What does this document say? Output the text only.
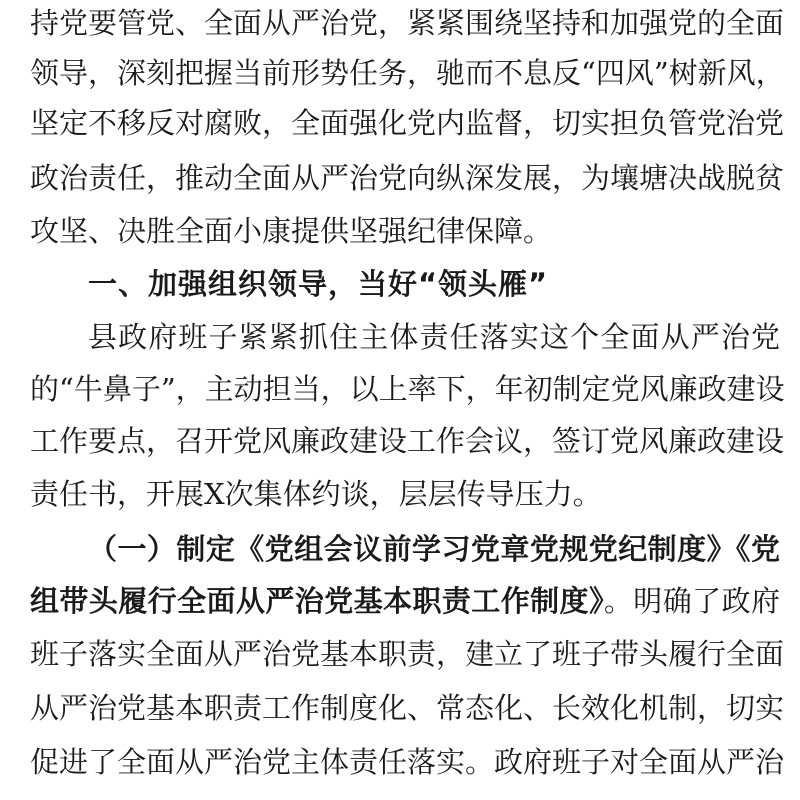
持党要管党、全面从严治党，紧紧围绕坚持和加强党的全面
领导，深刻把握当前形势任务，驰而不息反“四风”树新风，
坚定不移反对腐败，全面强化党内监督，切实担负管党治党
政治责任，推动全面从严治党向纵深发展，为壤塘决战脱贫
攻坚、决胜全面小康提供坚强纪律保障。
一、加强组织领导，当好“领头雁”
县政府班子紧紧抓住主体责任落实这个全面从严治党
的“牛鼻子”，主动担当，以上率下，年初制定党风廉政建设
工作要点，召开党风廉政建设工作会议，签订党风廉政建设
责任书，开展X次集体约谈，层层传导压力。
（一）制定《党组会议前学习党章党规党纪制度》《党
组带头履行全面从严治党基本职责工作制度》。明确了政府
班子落实全面从严治党基本职责，建立了班子带头履行全面
从严治党基本职责工作制度化、常态化、长效化机制，切实
促进了全面从严治党主体责任落实。政府班子对全面从严治
